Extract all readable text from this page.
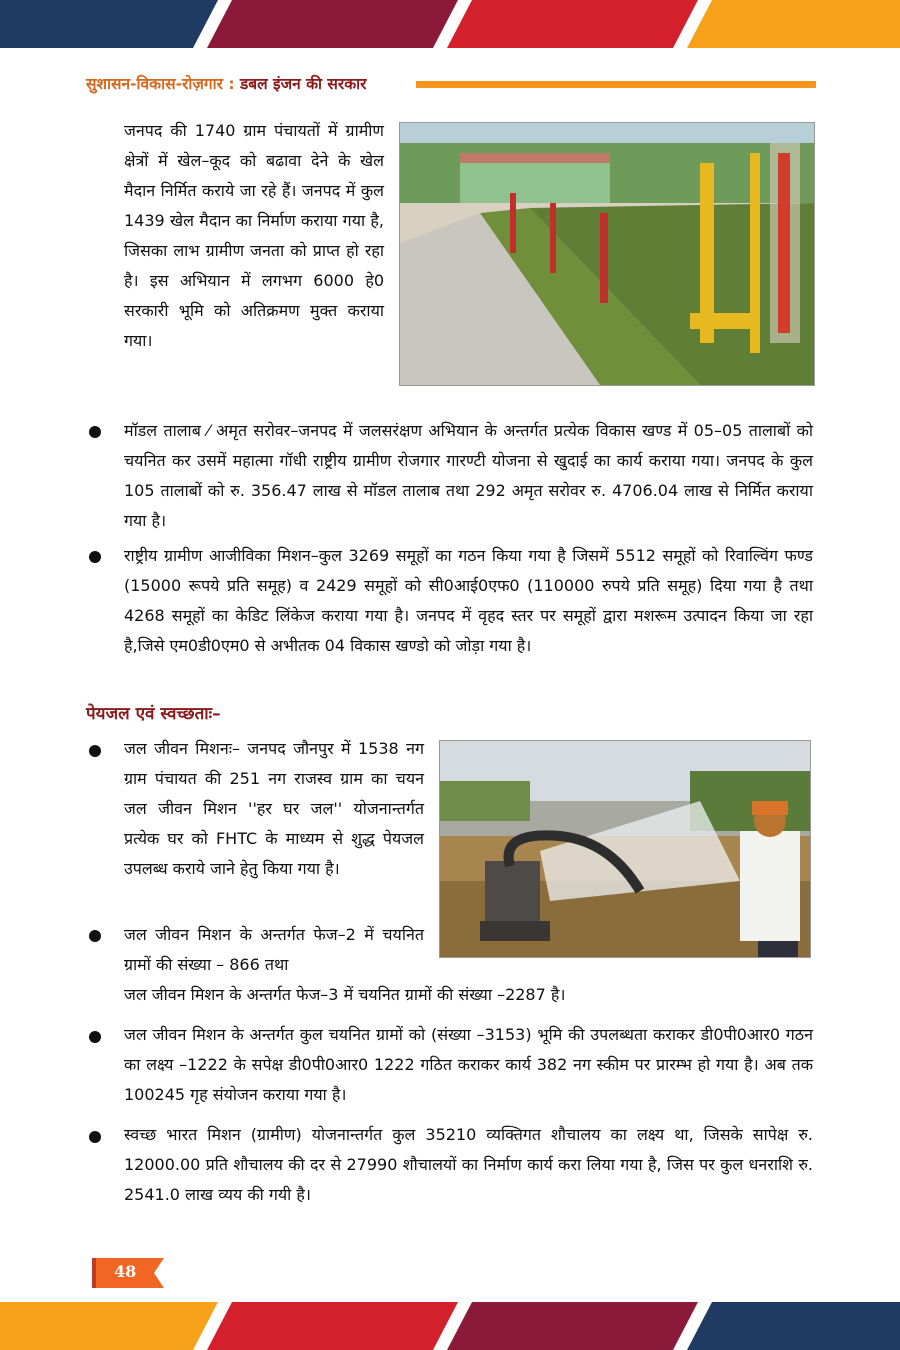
सुशासन-विकास-रोज़गार : डबल इंजन की सरकार

जनपद की 1740 ग्राम पंचायतों में ग्रामीण क्षेत्रों में खेल–कूद को बढावा देने के खेल मैदान निर्मित कराये जा रहे हैं। जनपद में कुल 1439 खेल मैदान का निर्माण कराया गया है, जिसका लाभ ग्रामीण जनता को प्राप्त हो रहा है। इस अभियान में लगभग 6000 हे0 सरकारी भूमि को अतिक्रमण मुक्त कराया गया।

मॉडल तालाब ⁄ अमृत सरोवर–जनपद में जलसरंक्षण अभियान के अन्तर्गत प्रत्येक विकास खण्ड में 05–05 तालाबों को चयनित कर उसमें महात्मा गॉधी राष्ट्रीय ग्रामीण रोजगार गारण्टी योजना से खुदाई का कार्य कराया गया। जनपद के कुल 105 तालाबों को रु. 356.47 लाख से मॉडल तालाब तथा 292 अमृत सरोवर रु. 4706.04 लाख से निर्मित कराया गया है।

राष्ट्रीय ग्रामीण आजीविका मिशन–कुल 3269 समूहों का गठन किया गया है जिसमें 5512 समूहों को रिवाल्विंग फण्ड (15000 रूपये प्रति समूह) व 2429 समूहों को सी0आई0एफ0 (110000 रुपये प्रति समूह) दिया गया है तथा 4268 समूहों का केडिट लिंकेज कराया गया है। जनपद में वृहद स्तर पर समूहों द्वारा मशरूम उत्पादन किया जा रहा है,जिसे एम0डी0एम0 से अभीतक 04 विकास खण्डो को जोड़ा गया है।

पेयजल एवं स्वच्छताः–

जल जीवन मिशनः– जनपद जौनपुर में 1538 नग ग्राम पंचायत की 251 नग राजस्व ग्राम का चयन जल जीवन मिशन ''हर घर जल'' योजनान्तर्गत प्रत्येक घर को FHTC के माध्यम से शुद्ध पेयजल उपलब्ध कराये जाने हेतु किया गया है।

जल जीवन मिशन के अन्तर्गत फेज–2 में चयनित ग्रामों की संख्या – 866 तथा

जल जीवन मिशन के अन्तर्गत फेज–3 में चयनित ग्रामों की संख्या –2287 है।

जल जीवन मिशन के अन्तर्गत कुल चयनित ग्रामों को (संख्या –3153) भूमि की उपलब्धता कराकर डी0पी0आर0 गठन का लक्ष्य –1222 के सपेक्ष डी0पी0आर0 1222 गठित कराकर कार्य 382 नग स्कीम पर प्रारम्भ हो गया है। अब तक 100245 गृह संयोजन कराया गया है।

स्वच्छ भारत मिशन (ग्रामीण) योजनान्तर्गत कुल 35210 व्यक्तिगत शौचालय का लक्ष्य था, जिसके सापेक्ष रु. 12000.00 प्रति शौचालय की दर से 27990 शौचालयों का निर्माण कार्य करा लिया गया है, जिस पर कुल धनराशि रु. 2541.0 लाख व्यय की गयी है।

48
